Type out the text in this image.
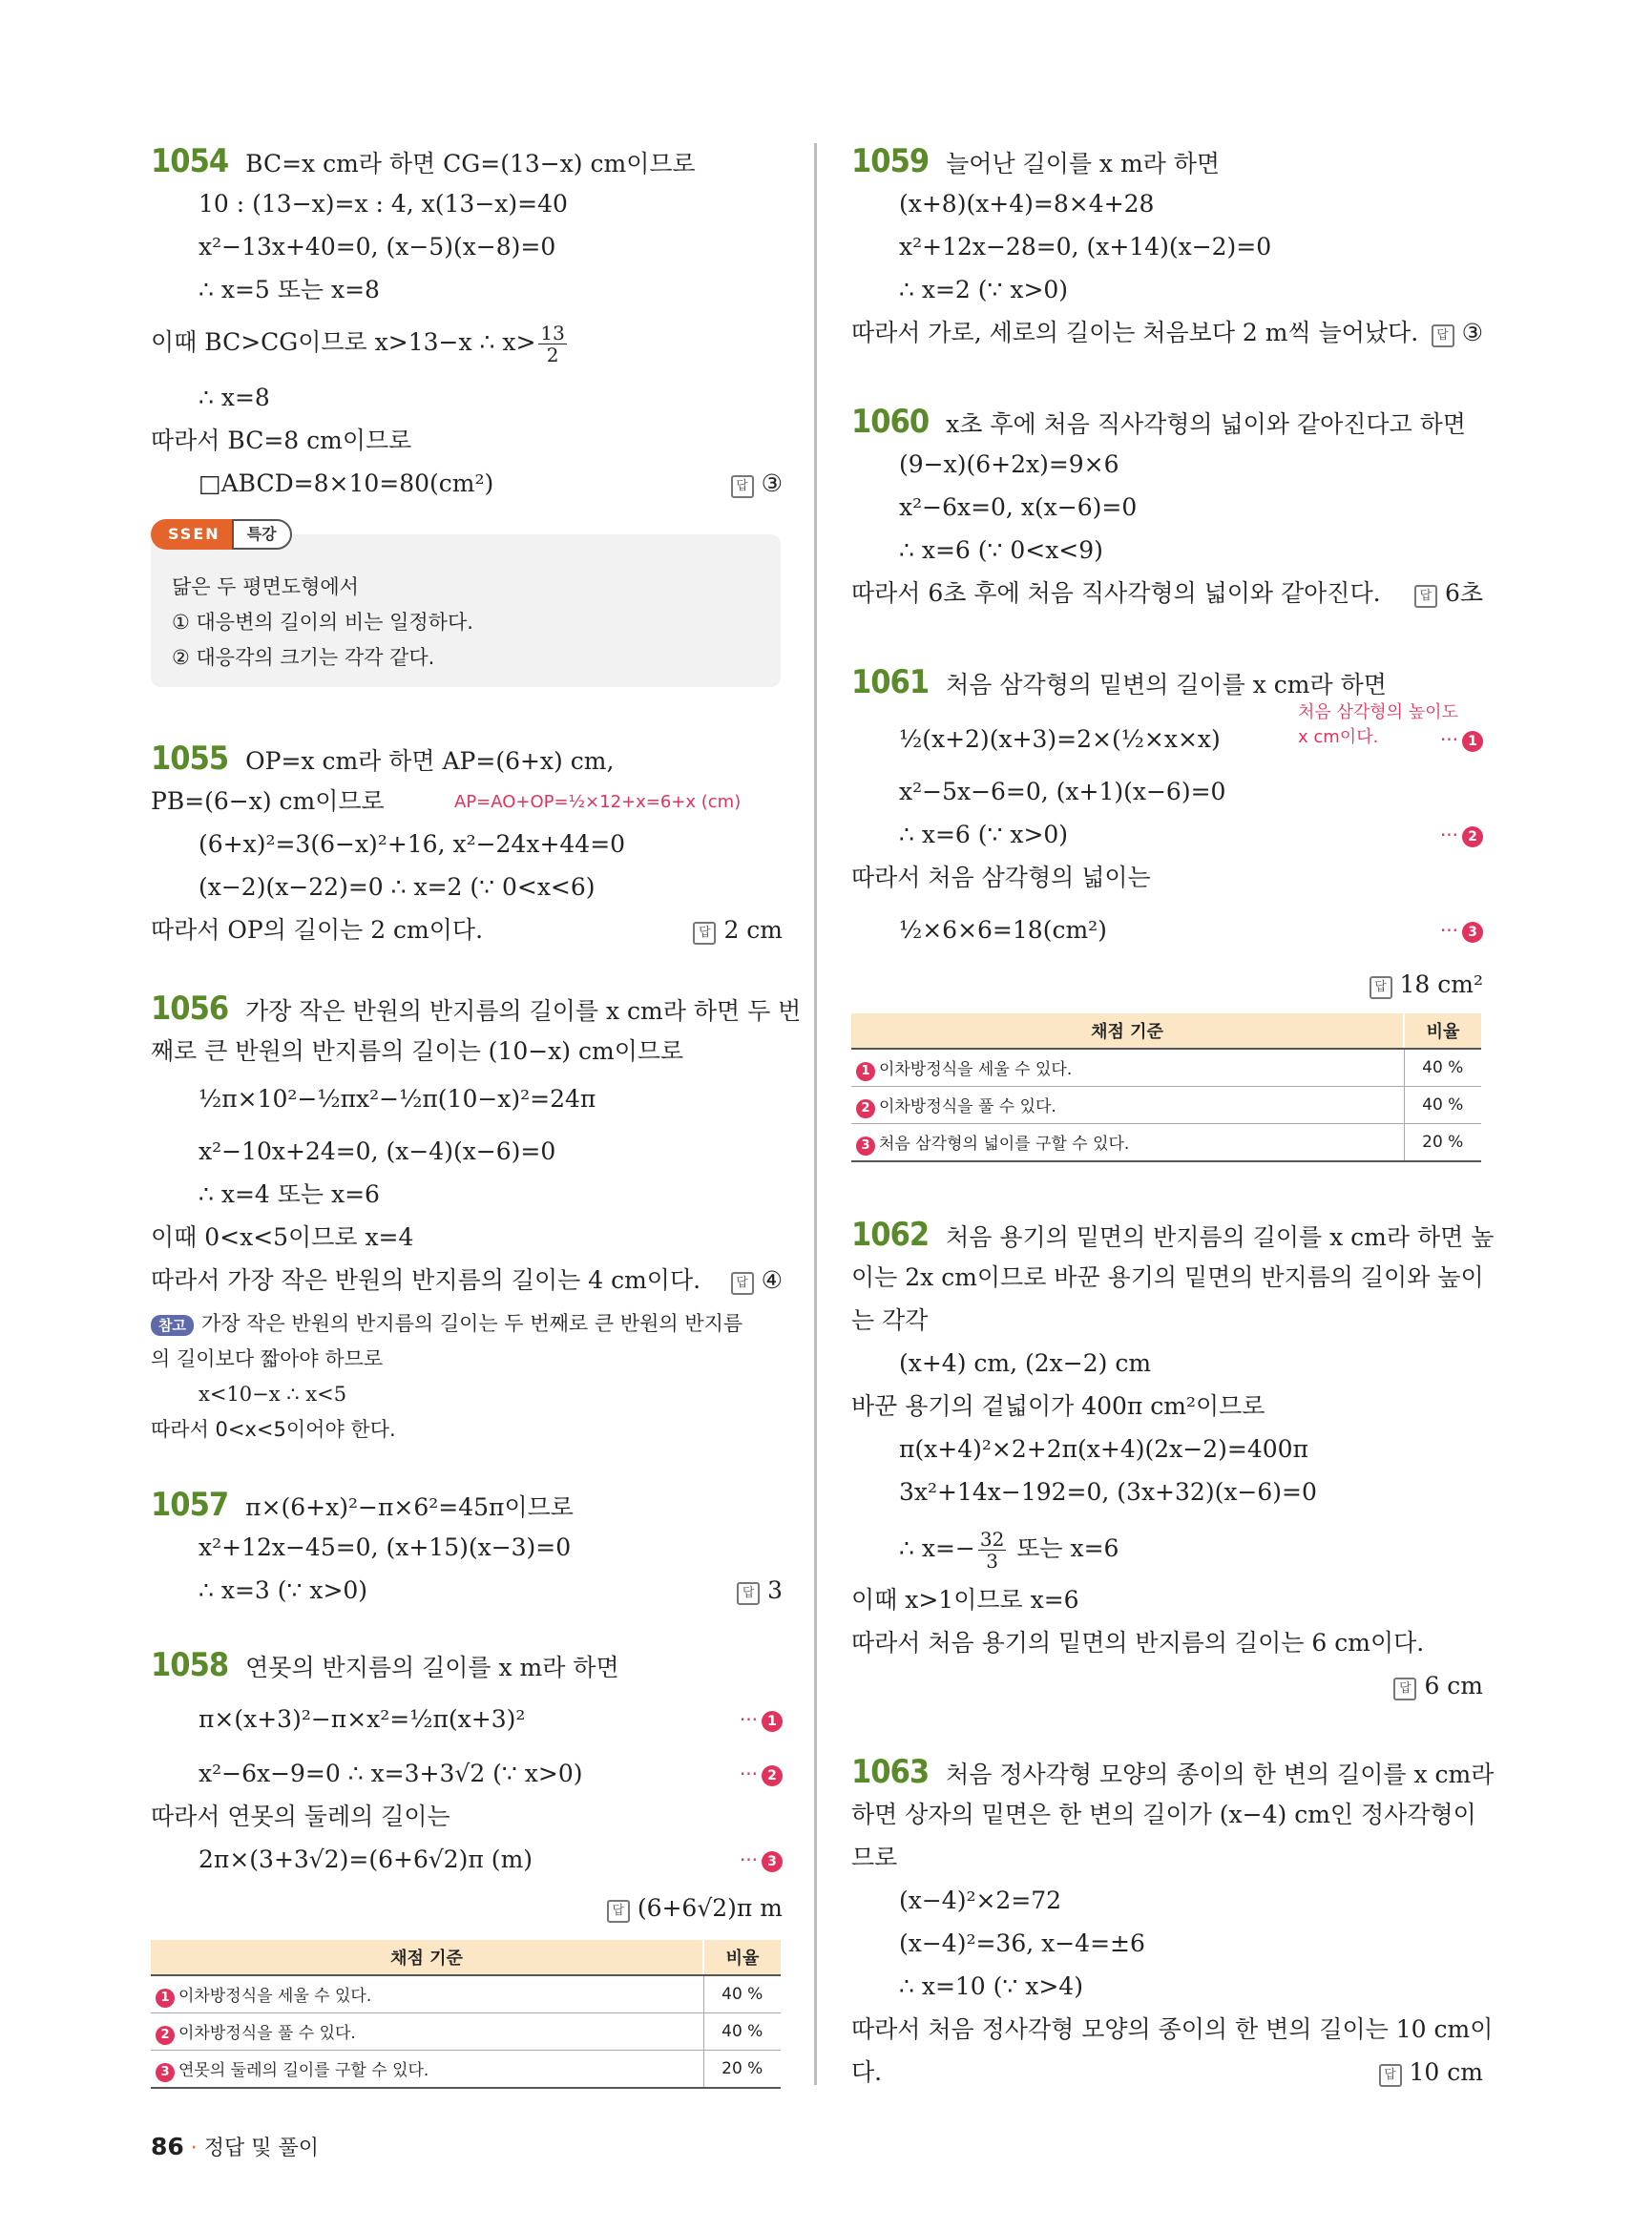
1054 BC=x cm라 하면 CG=(13−x) cm이므로
10 : (13−x)=x : 4, x(13−x)=40
x²−13x+40=0, (x−5)(x−8)=0
∴ x=5 또는 x=8
이때 BC>CG이므로 x>13−x ∴ $x> \frac{13}{2}$
∴ x=8
따라서 BC=8 cm이므로
□ABCD=8×10=80(cm²)	답 ③
닮은 두 평면도형에서
① 대응변의 길이의 비는 일정하다.
② 대응각의 크기는 각각 같다.
SSEN 특강
1055 OP=x cm라 하면 AP=(6+x) cm,
PB=(6−x) cm이므로	AP=AO+OP=½×12+x=6+x (cm)
(6+x)²=3(6−x)²+16, x²−24x+44=0
(x−2)(x−22)=0 ∴ x=2 (∵ 0<x<6)
따라서 OP의 길이는 2 cm이다.	답 2 cm
1056 가장 작은 반원의 반지름의 길이를 x cm라 하면 두 번
째로 큰 반원의 반지름의 길이는 (10−x) cm이므로
½π×10²−½πx²−½π(10−x)²=24π
x²−10x+24=0, (x−4)(x−6)=0
∴ x=4 또는 x=6
이때 0<x<5이므로 x=4
따라서 가장 작은 반원의 반지름의 길이는 4 cm이다.	답 ④
참고 가장 작은 반원의 반지름의 길이는 두 번째로 큰 반원의 반지름
의 길이보다 짧아야 하므로
x<10−x ∴ x<5
따라서 0<x<5이어야 한다.
1057 π×(6+x)²−π×6²=45π이므로
x²+12x−45=0, (x+15)(x−3)=0
∴ x=3 (∵ x>0)	답 3
1058 연못의 반지름의 길이를 x m라 하면
π×(x+3)²−π×x²=½π(x+3)²	··· 1
x²−6x−9=0 ∴ x=3+3√2 (∵ x>0)	··· 2
따라서 연못의 둘레의 길이는
2π×(3+3√2)=(6+6√2)π (m)	··· 3
답 (6+6√2)π m
채점 기준	비율
1 이차방정식을 세울 수 있다.	40 %
2 이차방정식을 풀 수 있다.	40 %
3 연못의 둘레의 길이를 구할 수 있다.	20 %
1059 늘어난 길이를 x m라 하면
(x+8)(x+4)=8×4+28
x²+12x−28=0, (x+14)(x−2)=0
∴ x=2 (∵ x>0)
따라서 가로, 세로의 길이는 처음보다 2 m씩 늘어났다.	답 ③
1060 x초 후에 처음 직사각형의 넓이와 같아진다고 하면
(9−x)(6+2x)=9×6
x²−6x=0, x(x−6)=0
∴ x=6 (∵ 0<x<9)
따라서 6초 후에 처음 직사각형의 넓이와 같아진다.	답 6초
1061 처음 삼각형의 밑변의 길이를 x cm라 하면
처음 삼각형의 높이도
x cm이다.
½(x+2)(x+3)=2×(½×x×x)	··· 1
x²−5x−6=0, (x+1)(x−6)=0
∴ x=6 (∵ x>0)	··· 2
따라서 처음 삼각형의 넓이는
½×6×6=18(cm²)	··· 3
답 18 cm²
채점 기준	비율
1 이차방정식을 세울 수 있다.	40 %
2 이차방정식을 풀 수 있다.	40 %
3 처음 삼각형의 넓이를 구할 수 있다.	20 %
1062 처음 용기의 밑면의 반지름의 길이를 x cm라 하면 높
이는 2x cm이므로 바꾼 용기의 밑면의 반지름의 길이와 높이
는 각각
(x+4) cm, (2x−2) cm
바꾼 용기의 겉넓이가 400π cm²이므로
π(x+4)²×2+2π(x+4)(2x−2)=400π
3x²+14x−192=0, (3x+32)(x−6)=0
∴ $x=- \frac{32}{3}$ 또는 x=6
이때 x>1이므로 x=6
따라서 처음 용기의 밑면의 반지름의 길이는 6 cm이다.
답 6 cm
1063 처음 정사각형 모양의 종이의 한 변의 길이를 x cm라
하면 상자의 밑면은 한 변의 길이가 (x−4) cm인 정사각형이
므로
(x−4)²×2=72
(x−4)²=36, x−4=±6
∴ x=10 (∵ x>4)
따라서 처음 정사각형 모양의 종이의 한 변의 길이는 10 cm이
다.	답 10 cm
86 · 정답 및 풀이
